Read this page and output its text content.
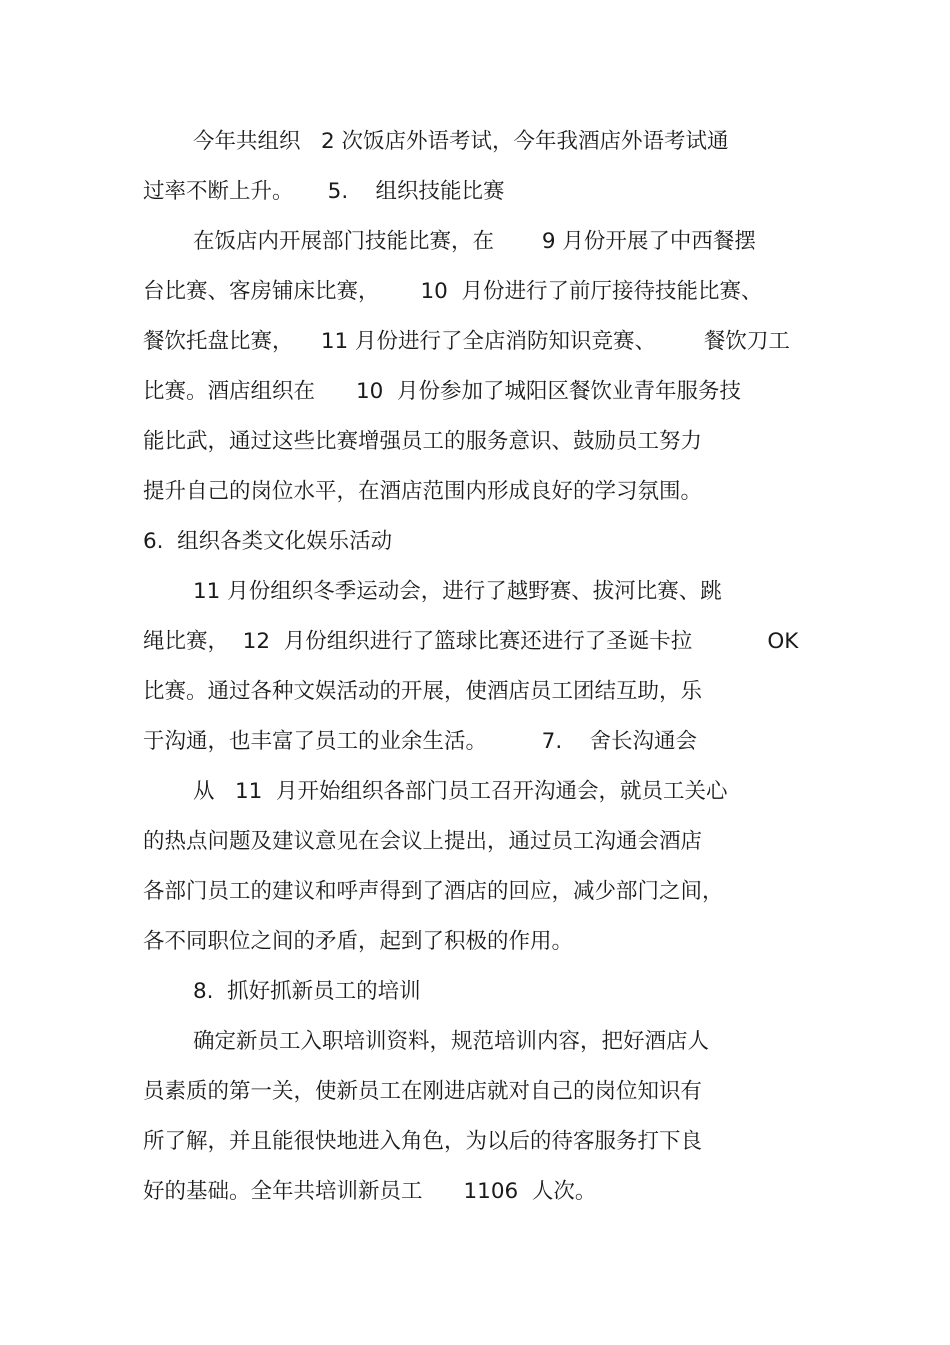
今年共组织   2 次饭店外语考试，今年我酒店外语考试通

过率不断上升。     5.    组织技能比赛

在饭店内开展部门技能比赛，在       9 月份开展了中西餐摆

台比赛、客房铺床比赛，      10  月份进行了前厅接待技能比赛、

餐饮托盘比赛，    11 月份进行了全店消防知识竞赛、       餐饮刀工

比赛。酒店组织在      10  月份参加了城阳区餐饮业青年服务技

能比武，通过这些比赛增强员工的服务意识、鼓励员工努力

提升自己的岗位水平，在酒店范围内形成良好的学习氛围。

6.  组织各类文化娱乐活动

11 月份组织冬季运动会，进行了越野赛、拔河比赛、跳

绳比赛，  12  月份组织进行了篮球比赛还进行了圣诞卡拉           OK

比赛。通过各种文娱活动的开展，使酒店员工团结互助，乐

于沟通，也丰富了员工的业余生活。        7.    舍长沟通会

从   11  月开始组织各部门员工召开沟通会，就员工关心

的热点问题及建议意见在会议上提出，通过员工沟通会酒店

各部门员工的建议和呼声得到了酒店的回应，减少部门之间，

各不同职位之间的矛盾，起到了积极的作用。

8.  抓好抓新员工的培训

确定新员工入职培训资料，规范培训内容，把好酒店人

员素质的第一关，使新员工在刚进店就对自己的岗位知识有

所了解，并且能很快地进入角色，为以后的待客服务打下良

好的基础。全年共培训新员工      1106  人次。
